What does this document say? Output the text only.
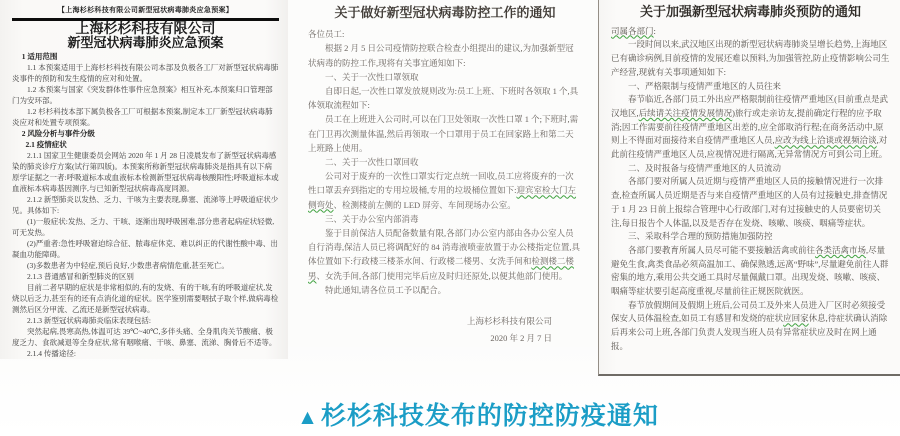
【上海杉杉科技有限公司新型冠状病毒肺炎应急预案】
上海杉杉科技有限公司
新型冠状病毒肺炎应急预案

1 适用范围

1.1 本预案适用于上海杉杉科技有限公司本部及负极各工厂对新型冠状病毒肺炎事件的预防和发生疫情的应对和处置。

1.2 本预案与国家《突发群体性事件应急预案》相互补充,本预案归口管理部门为安环部。

1.2 杉杉科技本部下属负极各工厂可根据本预案,制定本工厂新型冠状病毒肺炎应对和处置专项预案。

2 风险分析与事件分级

2.1 疫情症状

2.1.1 国家卫生健康委员会网站 2020 年 1 月 28 日凌晨发布了新型冠状病毒感染的肺炎诊疗方案(试行第四版)。本预案所称新型冠状病毒肺炎是指具有以下病原学证据之一者:呼吸道标本或血液标本检测新型冠状病毒核酸阳性;呼吸道标本或血液标本病毒基因测序,与已知新型冠状病毒高度同源。

2.1.2 新型肺炎以发热、乏力、干咳为主要表现,鼻塞、流涕等上呼吸道症状少见。具体如下:

(1)一般症状:发热、乏力、干咳、逐渐出现呼吸困难,部分患者起病症状轻微,可无发热。

(2)严重者:急性呼吸窘迫综合征、脓毒症休克、难以纠正的代谢性酸中毒、出凝血功能障碍。

(3)多数患者为中轻症,预后良好,少数患者病情危重,甚至死亡。

2.1.3 普通感冒和新型肺炎的区别

目前二者早期的症状是非常相似的,有的发烧、有的干咳,有的呼吸道症状,发烧以后乏力,甚至有的还有点消化道的症状。医学鉴别需要咽拭子取个样,做病毒检测然后区分甲流、乙流还是新型冠状病毒。

2.1.3 新型冠状病毒肺炎临床表现包括:

突然起病,畏寒高热,体温可达 39℃~40℃,多伴头痛、全身肌肉关节酸痛、极度乏力、食欲减退等全身症状,常有咽喉痛、干咳、鼻塞、流涕、胸骨后不适等。

2.1.4 传播途径:

关于做好新型冠状病毒防控工作的通知

各位员工:

根据 2 月 5 日公司疫情防控联合检查小组提出的建议,为加强新型冠状病毒的防控工作,现将有关事宜通知如下:

一、关于一次性口罩领取

自即日起,一次性口罩发放规则改为:员工上班、下班时各领取 1 个,具体领取流程如下:

员工在上班进入公司时,可以在门卫处领取一次性口罩 1 个;下班时,需在门卫再次测量体温,然后再领取一个口罩用于员工在回家路上和第二天上班路上使用。

二、关于一次性口罩回收

公司对于废弃的一次性口罩实行定点统一回收,员工应将废弃的一次性口罩丢弃到指定的专用垃圾桶,专用的垃圾桶位置如下:迎宾室检大门左侧弯处、检测楼前左侧的 LED 屏旁、车间现场办公室。

三、关于办公室内部消毒

鉴于目前保洁人员配备数量有限,各部门办公室内部由各办公室人员自行消毒,保洁人员已将调配好的 84 消毒液喷壶放置于办公楼指定位置,具体位置如下:行政楼三楼茶水间、行政楼二楼男、女洗手间和检测楼二楼男、女洗手间,各部门使用完毕后应及时归还原处,以便其他部门使用。

特此通知,请各位员工予以配合。

上海杉杉科技有限公司
2020 年 2 月 7 日
关于加强新型冠状病毒肺炎预防的通知

司属各部门:

一段时间以来,武汉地区出现的新型冠状病毒肺炎呈增长趋势,上海地区已有确诊病例,目前疫情的发展还难以预料,为加强管控,防止疫情影响公司生产经营,现就有关事项通知如下:

一、严格限制与疫情严重地区的人员往来

春节临近,各部门员工外出应严格限制前往疫情严重地区(目前重点是武汉地区,后续请关注疫情发展情况)旅行或走亲访友,提前确定行程的应予取消;因工作需要前往疫情严重地区出差的,应全部取消行程;在商务活动中,原则上不得面对面接待来自疫情严重地区人员,应改为线上洽谈或视频洽谈,对此前往疫情严重地区人员,应视情况进行隔离,无异常情况方可到公司上班。

二、及时报备与疫情严重地区的人员流动

各部门要对所属人员近期与疫情严重地区人员的接触情况进行一次排查,检查所属人员近期是否与来自疫情严重地区的人员有过接触史,排查情况于 1 月 23 日前上报综合管理中心行政部门,对有过接触史的人员要密切关注,每日报告个人体温,以及是否存在发烧、咳嗽、咳痰、咽痛等症状。

三、采取科学合理的预防措施加强防控

各部门要教育所属人员尽可能不要接触活禽或前往各类活禽市场,尽量避免生食,禽类食品必须高温加工、确保熟透,远离“野味”,尽量避免前往人群密集的地方,乘用公共交通工具时尽量佩戴口罩。出现发烧、咳嗽、咳痰、咽痛等症状要引起高度重视,尽量前往正规医院就医。

春节放假期间及假期上班后,公司员工及外来人员进入厂区时必须接受保安人员体温检查,如员工有感冒和发烧的症状应回家休息,待症状确认消除后再来公司上班,各部门负责人发现当班人员有异常症状应及时在网上通报。

▲杉杉科技发布的防控防疫通知
